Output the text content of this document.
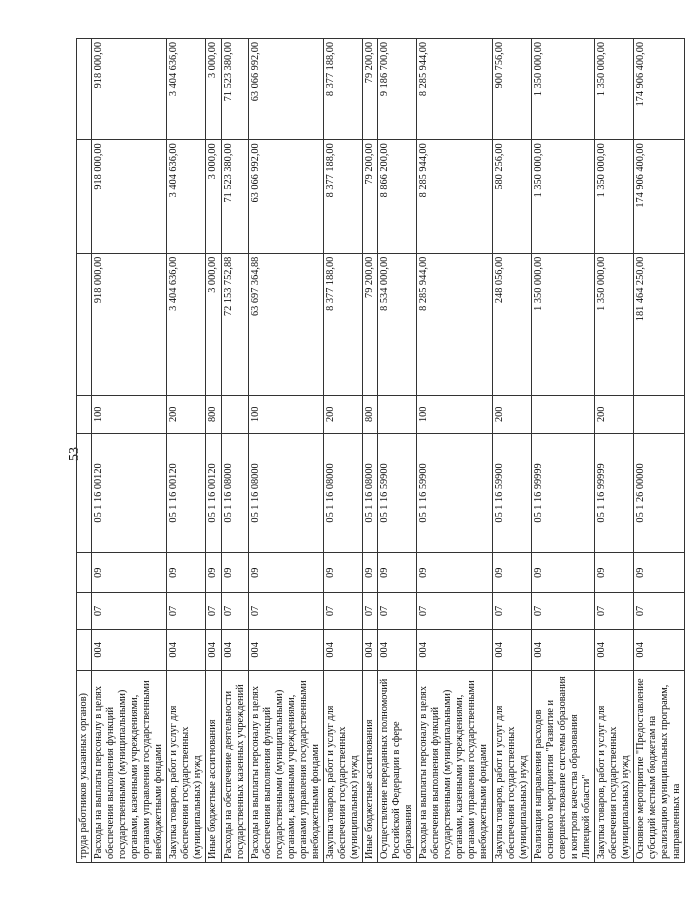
53
труда работников указанных органов)								
Расходы на выплаты персоналу в целях обеспечения выполнения функций государственными (муниципальными) органами, казенными учреждениями, органами управления государственными внебюджетными фондами	004	07	09	05 1 16 00120	100	918 000,00	918 000,00	918 000,00
Закупка товаров, работ и услуг для обеспечения государственных (муниципальных) нужд	004	07	09	05 1 16 00120	200	3 404 636,00	3 404 636,00	3 404 636,00
Иные бюджетные ассигнования	004	07	09	05 1 16 00120	800	3 000,00	3 000,00	3 000,00
Расходы на обеспечение деятельности государственных казенных учреждений	004	07	09	05 1 16 08000		72 153 752,88	71 523 380,00	71 523 380,00
Расходы на выплаты персоналу в целях обеспечения выполнения функций государственными (муниципальными) органами, казенными учреждениями, органами управления государственными внебюджетными фондами	004	07	09	05 1 16 08000	100	63 697 364,88	63 066 992,00	63 066 992,00
Закупка товаров, работ и услуг для обеспечения государственных (муниципальных) нужд	004	07	09	05 1 16 08000	200	8 377 188,00	8 377 188,00	8 377 188,00
Иные бюджетные ассигнования	004	07	09	05 1 16 08000	800	79 200,00	79 200,00	79 200,00
Осуществление переданных полномочий Российской Федерации в сфере образования	004	07	09	05 1 16 59900		8 534 000,00	8 866 200,00	9 186 700,00
Расходы на выплаты персоналу в целях обеспечения выполнения функций государственными (муниципальными) органами, казенными учреждениями, органами управления государственными внебюджетными фондами	004	07	09	05 1 16 59900	100	8 285 944,00	8 285 944,00	8 285 944,00
Закупка товаров, работ и услуг для обеспечения государственных (муниципальных) нужд	004	07	09	05 1 16 59900	200	248 056,00	580 256,00	900 756,00
Реализация направления расходов основного мероприятия "Развитие и совершенствование системы образования и контроля качества образования Липецкой области"	004	07	09	05 1 16 99999		1 350 000,00	1 350 000,00	1 350 000,00
Закупка товаров, работ и услуг для обеспечения государственных (муниципальных) нужд	004	07	09	05 1 16 99999	200	1 350 000,00	1 350 000,00	1 350 000,00
Основное мероприятие "Предоставление субсидий местным бюджетам на реализацию муниципальных программ, направленных на	004	07	09	05 1 26 00000		181 464 250,00	174 906 400,00	174 906 400,00
